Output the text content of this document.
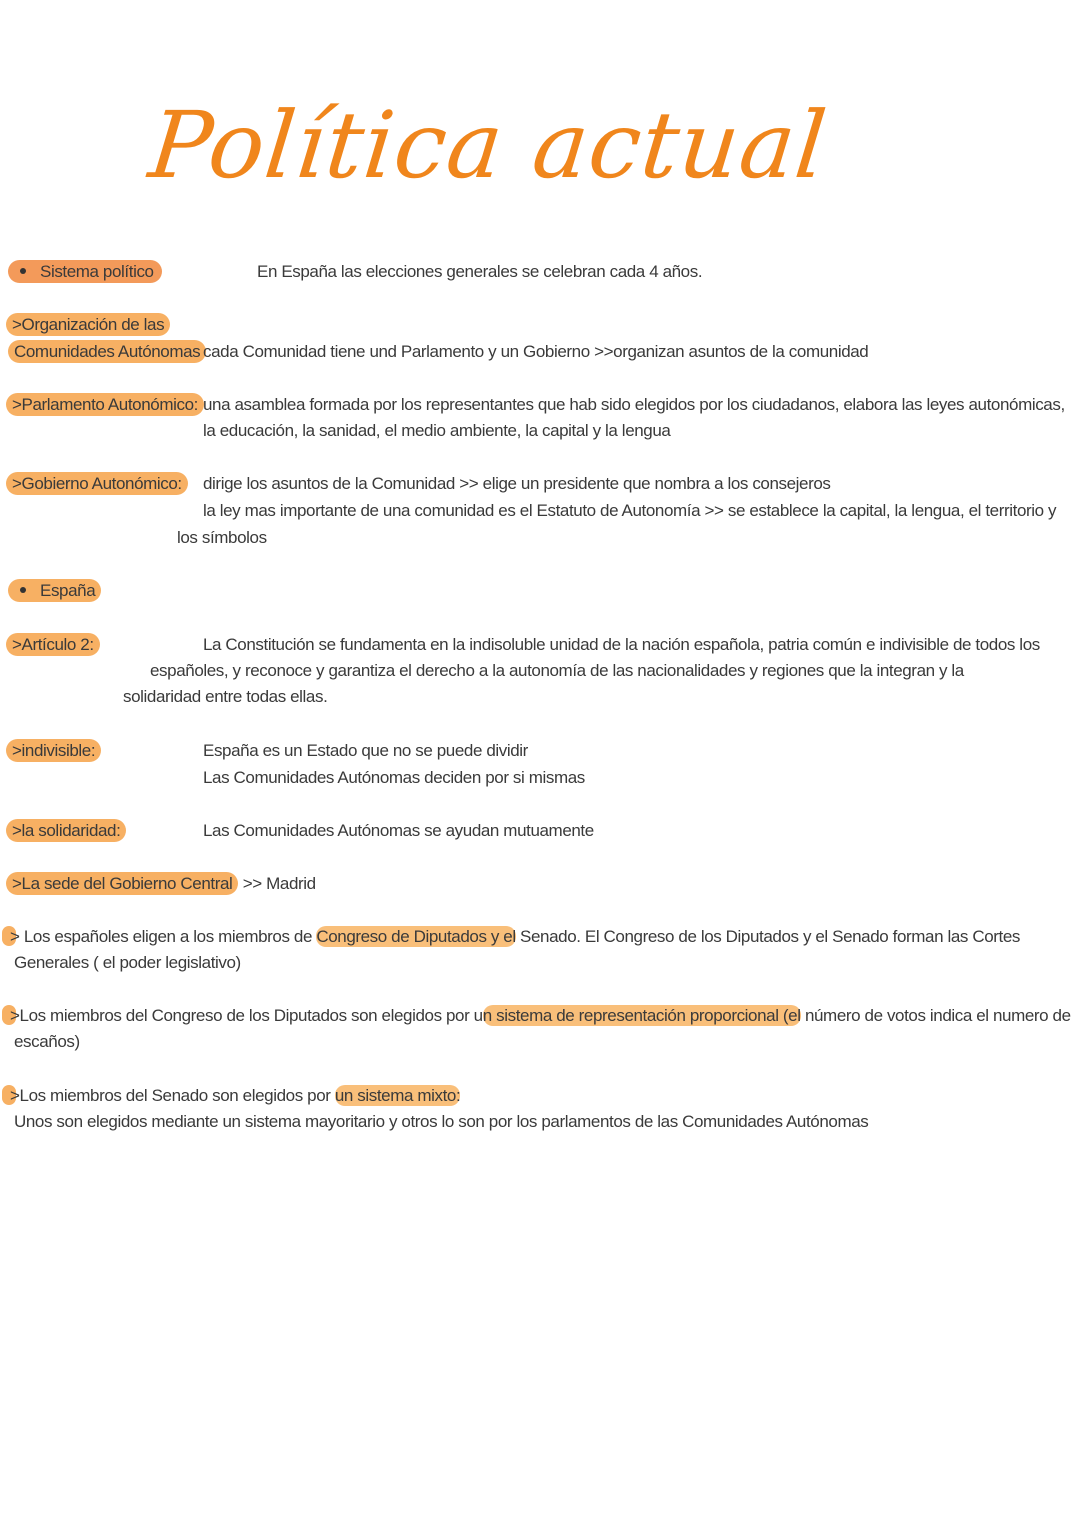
Política actual
Sistema político	En España las elecciones generales se celebran cada 4 años.
>Organización de las
Comunidades Autónomas cada Comunidad tiene und Parlamento y un Gobierno >>organizan asuntos de la comunidad
>Parlamento Autonómico: una asamblea formada por los representantes que hab sido elegidos por los ciudadanos, elabora las leyes autonómicas,
la educación, la sanidad, el medio ambiente, la capital y la lengua
>Gobierno Autonómico:	dirige los asuntos de la Comunidad >> elige un presidente que nombra a los consejeros
la ley mas importante de una comunidad es el Estatuto de Autonomía >> se establece la capital, la lengua, el territorio y
los símbolos
España
>Artículo 2:	La Constitución se fundamenta en la indisoluble unidad de la nación española, patria común e indivisible de todos los
españoles, y reconoce y garantiza el derecho a la autonomía de las nacionalidades y regiones que la integran y la
solidaridad entre todas ellas.
>indivisible:	España es un Estado que no se puede dividir
Las Comunidades Autónomas deciden por si mismas
>la solidaridad:	Las Comunidades Autónomas se ayudan mutuamente
>La sede del Gobierno Central >> Madrid
> Los españoles eligen a los miembros de Congreso de Diputados y el Senado. El Congreso de los Diputados y el Senado forman las Cortes
Generales ( el poder legislativo)
>Los miembros del Congreso de los Diputados son elegidos por un sistema de representación proporcional (el número de votos indica el numero de
escaños)
>Los miembros del Senado son elegidos por un sistema mixto:
Unos son elegidos mediante un sistema mayoritario y otros lo son por los parlamentos de las Comunidades Autónomas
